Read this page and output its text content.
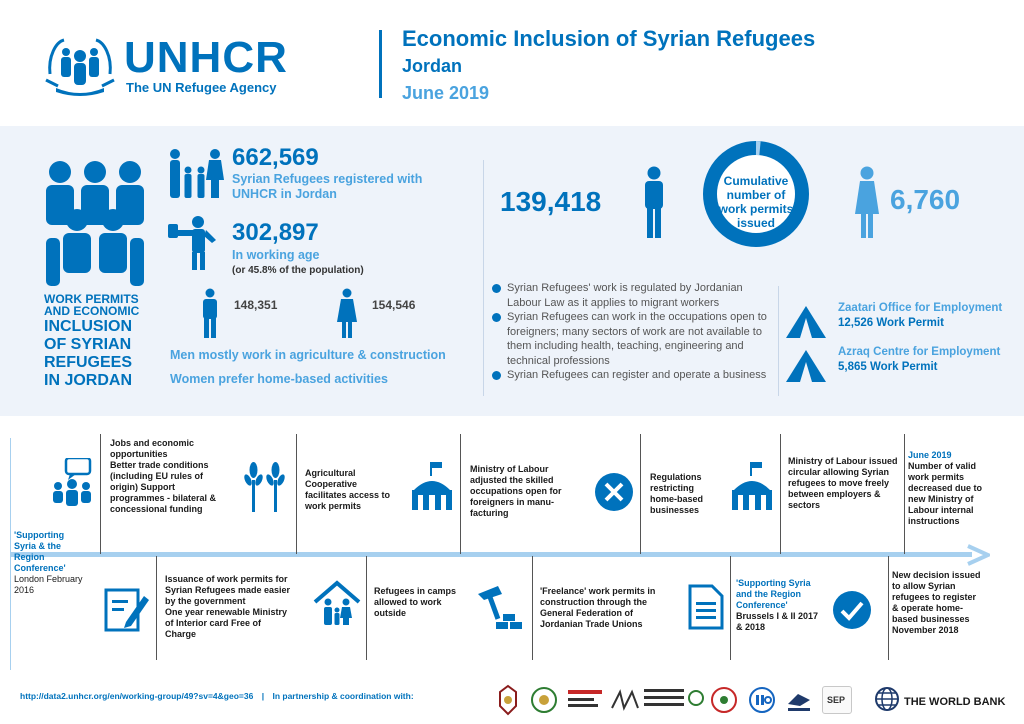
UNHCR
The UN Refugee Agency
Economic Inclusion of Syrian Refugees
Jordan
June 2019
WORK PERMITS
AND ECONOMIC
INCLUSION
OF SYRIAN
REFUGEES
IN JORDAN
662,569
Syrian Refugees registered with UNHCR in Jordan
302,897
In working age
(or 45.8% of the population)
148,351	154,546
Men mostly work in agriculture & construction
Women prefer home-based activities
139,418
Cumulative number of work permits issued
6,760
Syrian Refugees' work is regulated by Jordanian Labour Law as it applies to migrant workers
Syrian Refugees can work in the occupations open to foreigners; many sectors of work are not available to them including health, teaching, engineering and technical professions
Syrian Refugees can register and operate a business
Zaatari Office for Employment
12,526 Work Permit
Azraq Centre for Employment
5,865 Work Permit
'Supporting Syria & the Region Conference'
London February 2016
Jobs and economic opportunities
Better trade conditions (including EU rules of origin) Support programmes - bilateral & concessional funding
Agricultural Cooperative facilitates access to work permits
Ministry of Labour adjusted the skilled occupations open for foreigners in manu-facturing
Regulations restricting home-based businesses
Ministry of Labour issued circular allowing Syrian refugees to move freely between employers & sectors
June 2019
Number of valid work permits decreased due to new Ministry of Labour internal instructions
Issuance of work permits for Syrian Refugees made easier by the government
One year renewable Ministry of Interior card Free of Charge
Refugees in camps allowed to work outside
'Freelance' work permits in construction through the General Federation of Jordanian Trade Unions
'Supporting Syria and the Region Conference'
Brussels I & II 2017 & 2018
New decision issued to allow Syrian refugees to register & operate home-based businesses
November 2018
http://data2.unhcr.org/en/working-group/49?sv=4&geo=36 | In partnership & coordination with:	SEP	THE WORLD BANK
